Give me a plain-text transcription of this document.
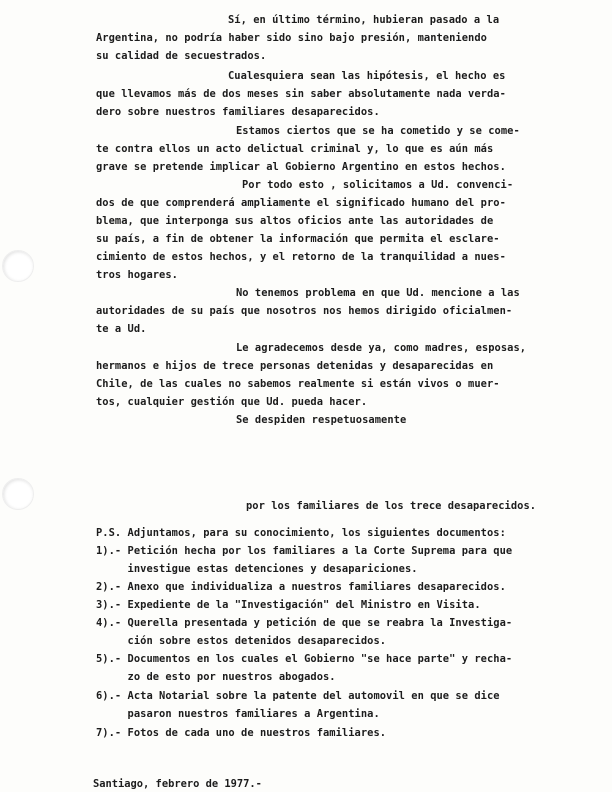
Sí, en último término, hubieran pasado a la
Argentina, no podría haber sido sino bajo presión, manteniendo
su calidad de secuestrados.
Cualesquiera sean las hipótesis, el hecho es
que llevamos más de dos meses sin saber absolutamente nada verda-
dero sobre nuestros familiares desaparecidos.
Estamos ciertos que se ha cometido y se come-
te contra ellos un acto delictual criminal y, lo que es aún más
grave se pretende implicar al Gobierno Argentino en estos hechos.
Por todo esto , solicitamos a Ud. convenci-
dos de que comprenderá ampliamente el significado humano del pro-
blema, que interponga sus altos oficios ante las autoridades de
su país, a fin de obtener la información que permita el esclare-
cimiento de estos hechos, y el retorno de la tranquilidad a nues-
tros hogares.
No tenemos problema en que Ud. mencione a las
autoridades de su país que nosotros nos hemos dirigido oficialmen-
te a Ud.
Le agradecemos desde ya, como madres, esposas,
hermanos e hijos de trece personas detenidas y desaparecidas en
Chile, de las cuales no sabemos realmente si están vivos o muer-
tos, cualquier gestión que Ud. pueda hacer.
Se despiden respetuosamente
por los familiares de los trece desaparecidos.
P.S. Adjuntamos, para su conocimiento, los siguientes documentos:
1).- Petición hecha por los familiares a la Corte Suprema para que
investigue estas detenciones y desapariciones.
2).- Anexo que individualiza a nuestros familiares desaparecidos.
3).- Expediente de la "Investigación" del Ministro en Visita.
4).- Querella presentada y petición de que se reabra la Investiga-
ción sobre estos detenidos desaparecidos.
5).- Documentos en los cuales el Gobierno "se hace parte" y recha-
zo de esto por nuestros abogados.
6).- Acta Notarial sobre la patente del automovil en que se dice
pasaron nuestros familiares a Argentina.
7).- Fotos de cada uno de nuestros familiares.
Santiago, febrero de 1977.-
